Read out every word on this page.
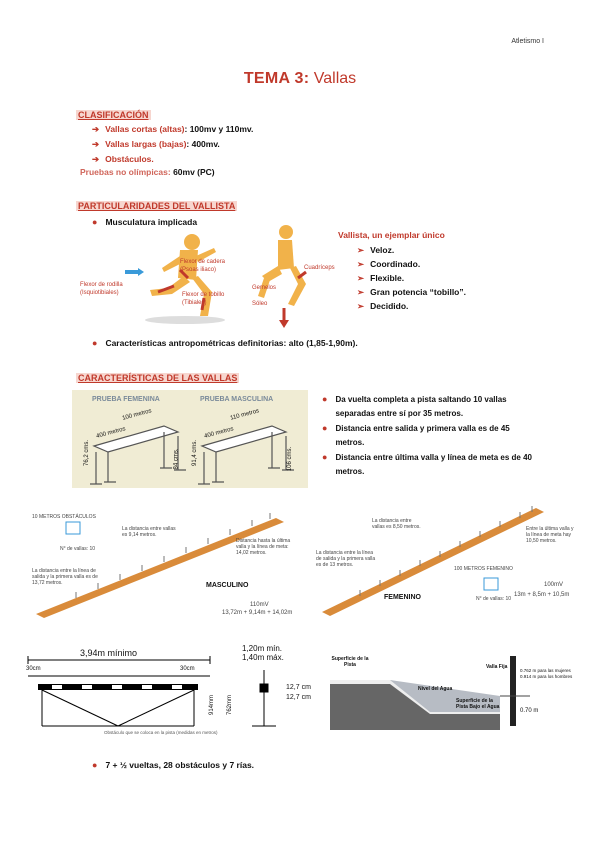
Atletismo I
TEMA 3: Vallas
CLASIFICACIÓN
➔ Vallas cortas (altas): 100mv y 110mv.
➔ Vallas largas (bajas): 400mv.
➔ Obstáculos.
Pruebas no olímpicas: 60mv (PC)
PARTICULARIDADES DEL VALLISTA
● Musculatura implicada
Flexor de cadera
(Psoas iliaco)
Flexor de rodilla
(Isquiotibiales)	Flexor de tobillo
(Tibiales)
Cuadríceps
Gemelos
Sóleo
Vallista, un ejemplar único
➢ Veloz.
➢ Coordinado.
➢ Flexible.
➢ Gran potencia “tobillo”.
➢ Decidido.
● Características antropométricas definitorias: alto (1,85-1,90m).
CARACTERÍSTICAS DE LAS VALLAS
PRUEBA FEMENINA	PRUEBA MASCULINA
100 metros
400 metros
76,2 cms.	84 cms.
110 metros
400 metros
91,4 cms.	106 cms.
● Da vuelta completa a pista saltando 10 vallas separadas entre sí por 35 metros.
● Distancia entre salida y primera valla es de 45 metros.
● Distancia entre última valla y línea de meta es de 40 metros.
10 METROS OBSTÁCULOS
N° de vallas: 10
La distancia entre vallas es 9,14 metros.
La distancia entre la línea de salida y la primera valla es de 13,72 metros.
Distancia hasta la última valla y la línea de meta: 14,02 metros.
MASCULINO
110mV
13,72m + 9,14m + 14,02m
La distancia entre vallas es 8,50 metros.
La distancia entre la línea de salida y la primera valla es de 13 metros.
Entre la última valla y la línea de meta hay 10,50 metros.
100 METROS FEMENINO
N° de vallas: 10
FEMENINO
100mV
13m + 8,5m + 10,5m
3,94m mínimo
30cm	30cm
1,20m mín.
1,40m máx.
12,7 cm
12,7 cm
914mm 762mm
Obstáculo que se coloca en la pista (medidas en metros)
Superficie de la Pista
Nivel del Agua
Superficie de la Pista Bajo el Agua
Valla Fija
0.762 m para las mujeres
0.914 m para los hombres
0.70 m
● 7 + ½ vueltas, 28 obstáculos y 7 rías.
